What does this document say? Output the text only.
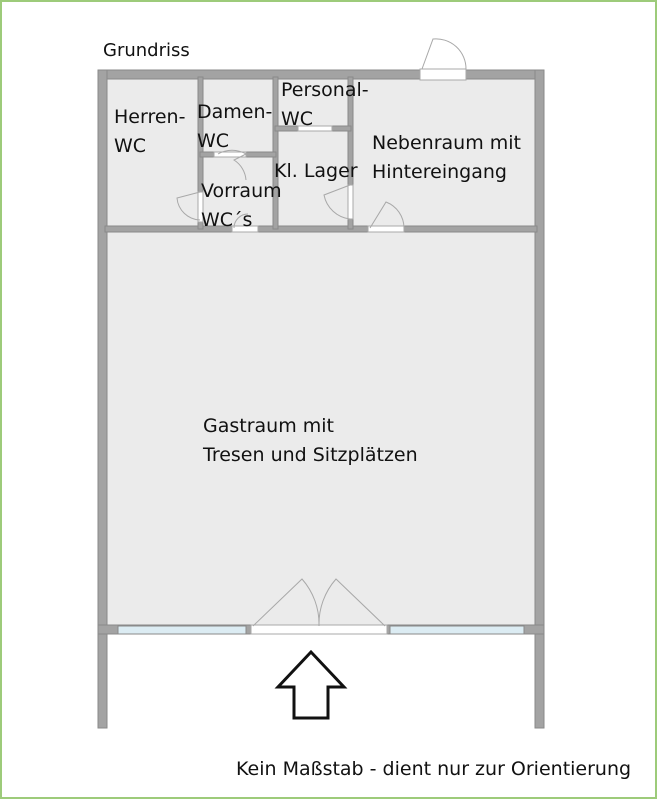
Grundriss
Herren-
WC
Damen-
WC
Personal-
WC
Vorraum
WC´s
Kl. Lager
Nebenraum mit
Hintereingang
Gastraum mit
Tresen und Sitzplätzen
Kein Maßstab - dient nur zur Orientierung
